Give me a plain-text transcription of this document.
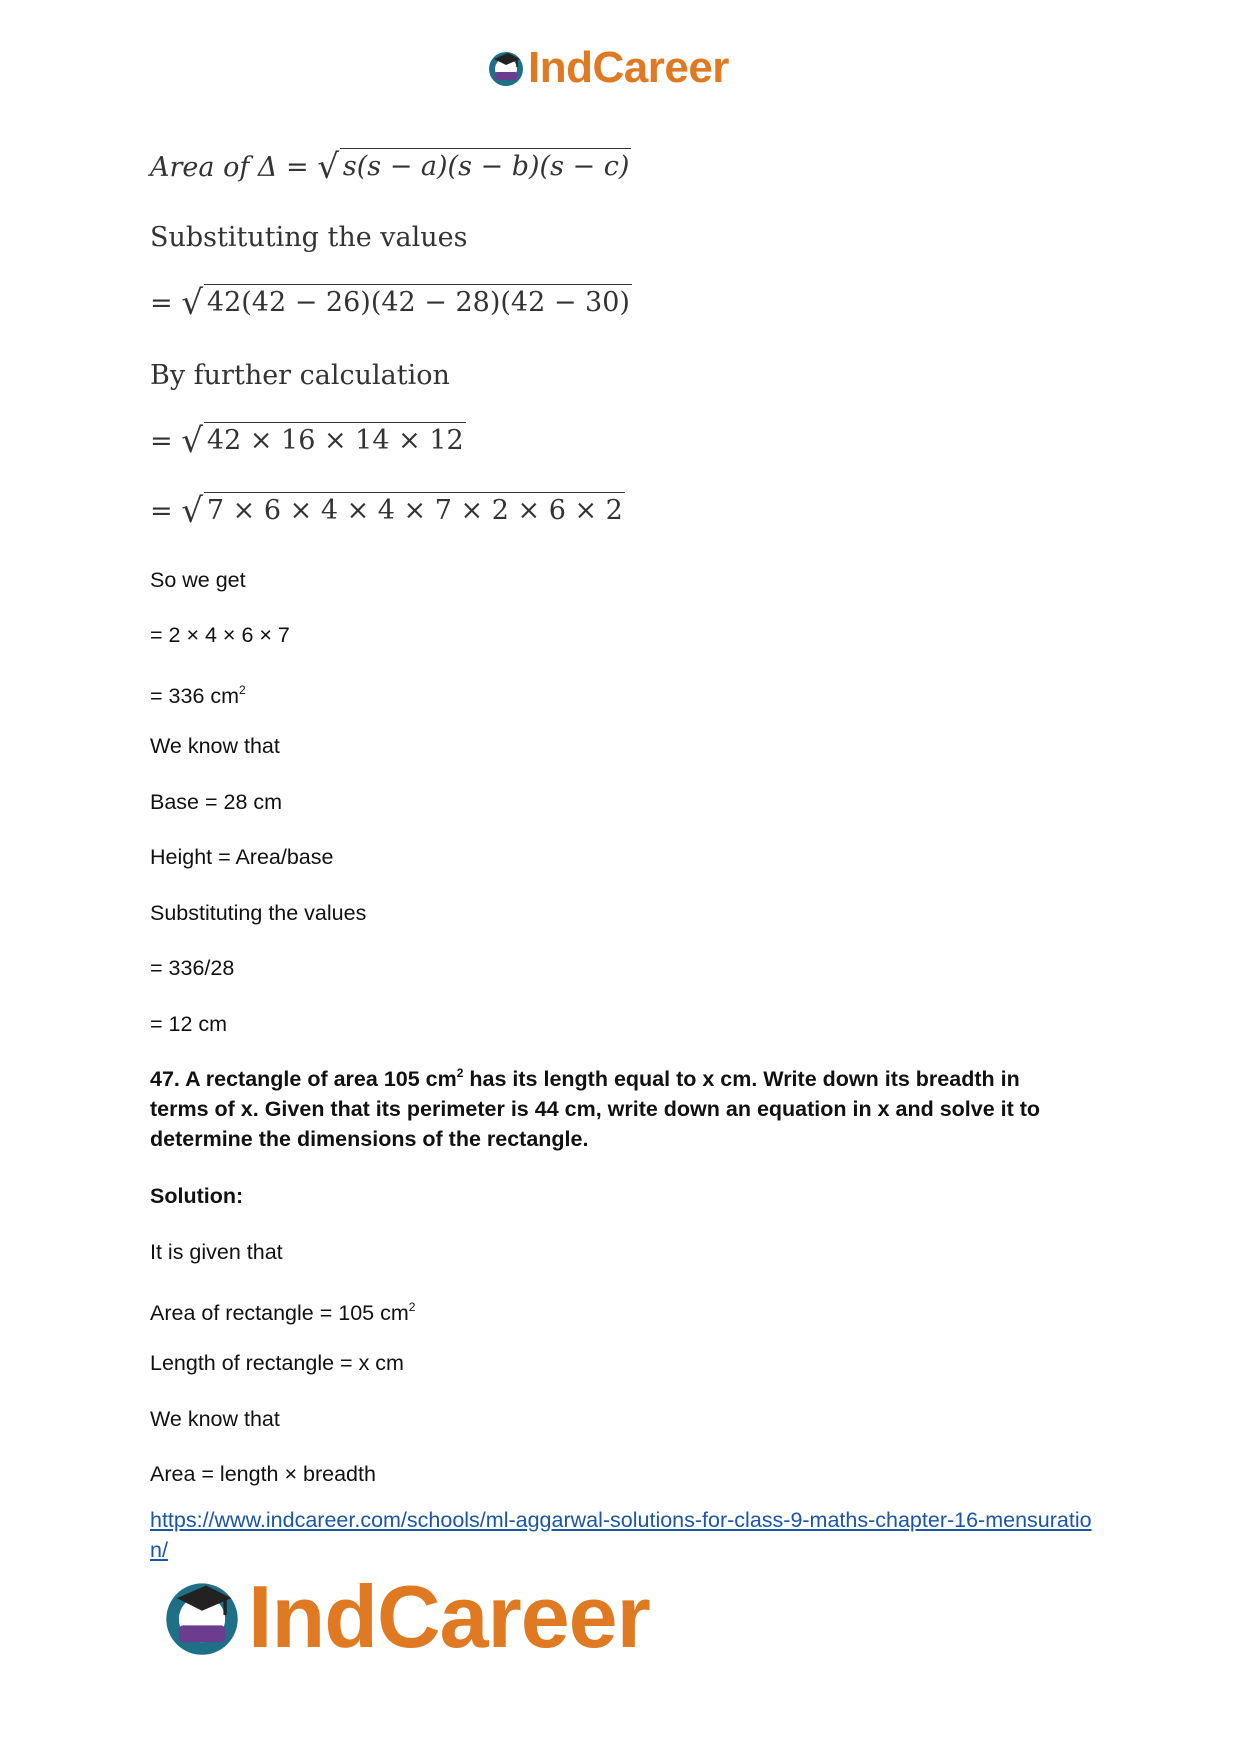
IndCareer
Area of Δ = √ s(s − a)(s − b)(s − c)
Substituting the values
= √ 42(42 − 26)(42 − 28)(42 − 30)
By further calculation
= √ 42 × 16 × 14 × 12
= √ 7 × 6 × 4 × 4 × 7 × 2 × 6 × 2
So we get
= 2 × 4 × 6 × 7
= 336 $cm^2$
We know that
Base = 28 cm
Height = Area/base
Substituting the values
= 336/28
= 12 cm
47. A rectangle of area 105 $cm^2$ has its length equal to x cm. Write down its breadth in terms of x. Given that its perimeter is 44 cm, write down an equation in x and solve it to determine the dimensions of the rectangle.
Solution:
It is given that
Area of rectangle = 105 $cm^2$
Length of rectangle = x cm
We know that
Area = length × breadth
https://www.indcareer.com/schools/ml-aggarwal-solutions-for-class-9-maths-chapter-16-mensuration/
IndCareer
